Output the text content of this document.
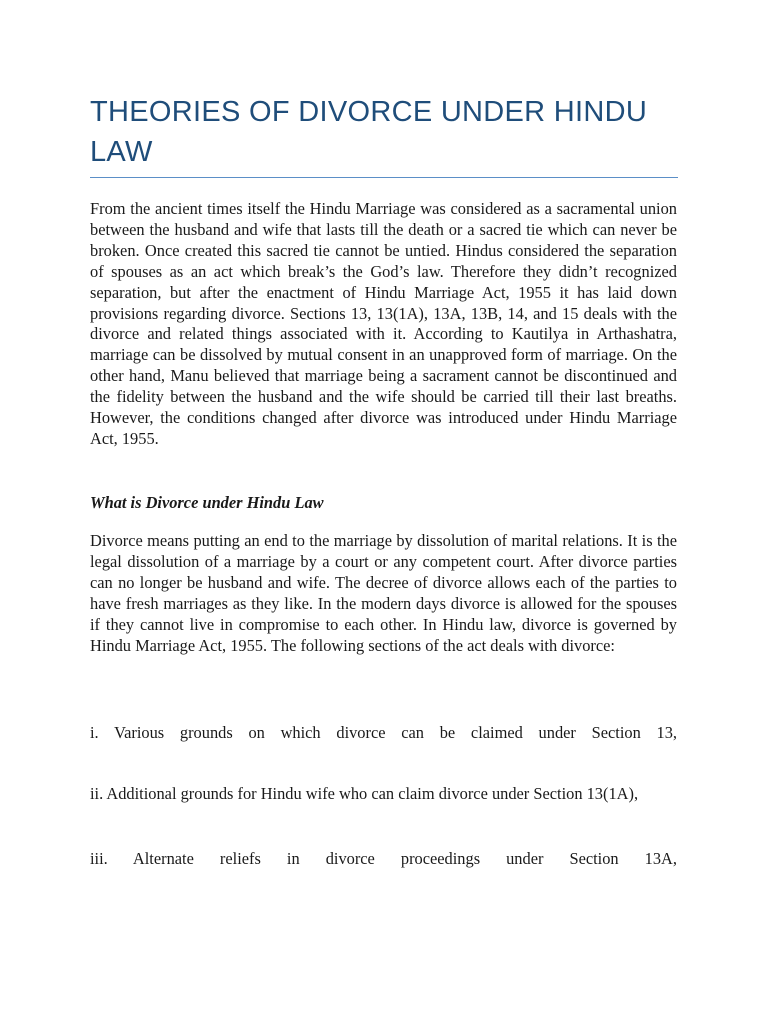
THEORIES OF DIVORCE UNDER HINDU LAW

From the ancient times itself the Hindu Marriage was considered as a sacramental union between the husband and wife that lasts till the death or a sacred tie which can never be broken. Once created this sacred tie cannot be untied. Hindus considered the separation of spouses as an act which break’s the God’s law. Therefore they didn’t recognized separation, but after the enactment of Hindu Marriage Act, 1955 it has laid down provisions regarding divorce. Sections 13, 13(1A), 13A, 13B, 14, and 15 deals with the divorce and related things associated with it. According to Kautilya in Arthashatra, marriage can be dissolved by mutual consent in an unapproved form of marriage. On the other hand, Manu believed that marriage being a sacrament cannot be discontinued and the fidelity between the husband and the wife should be carried till their last breaths. However, the conditions changed after divorce was introduced under Hindu Marriage Act, 1955.

What is Divorce under Hindu Law

Divorce means putting an end to the marriage by dissolution of marital relations. It is the legal dissolution of a marriage by a court or any competent court. After divorce parties can no longer be husband and wife. The decree of divorce allows each of the parties to have fresh marriages as they like. In the modern days divorce is allowed for the spouses if they cannot live in compromise to each other. In Hindu law, divorce is governed by Hindu Marriage Act, 1955. The following sections of the act deals with divorce:

i. Various grounds on which divorce can be claimed under Section 13,

ii. Additional grounds for Hindu wife who can claim divorce under Section 13(1A),

iii. Alternate reliefs in divorce proceedings under Section 13A,
